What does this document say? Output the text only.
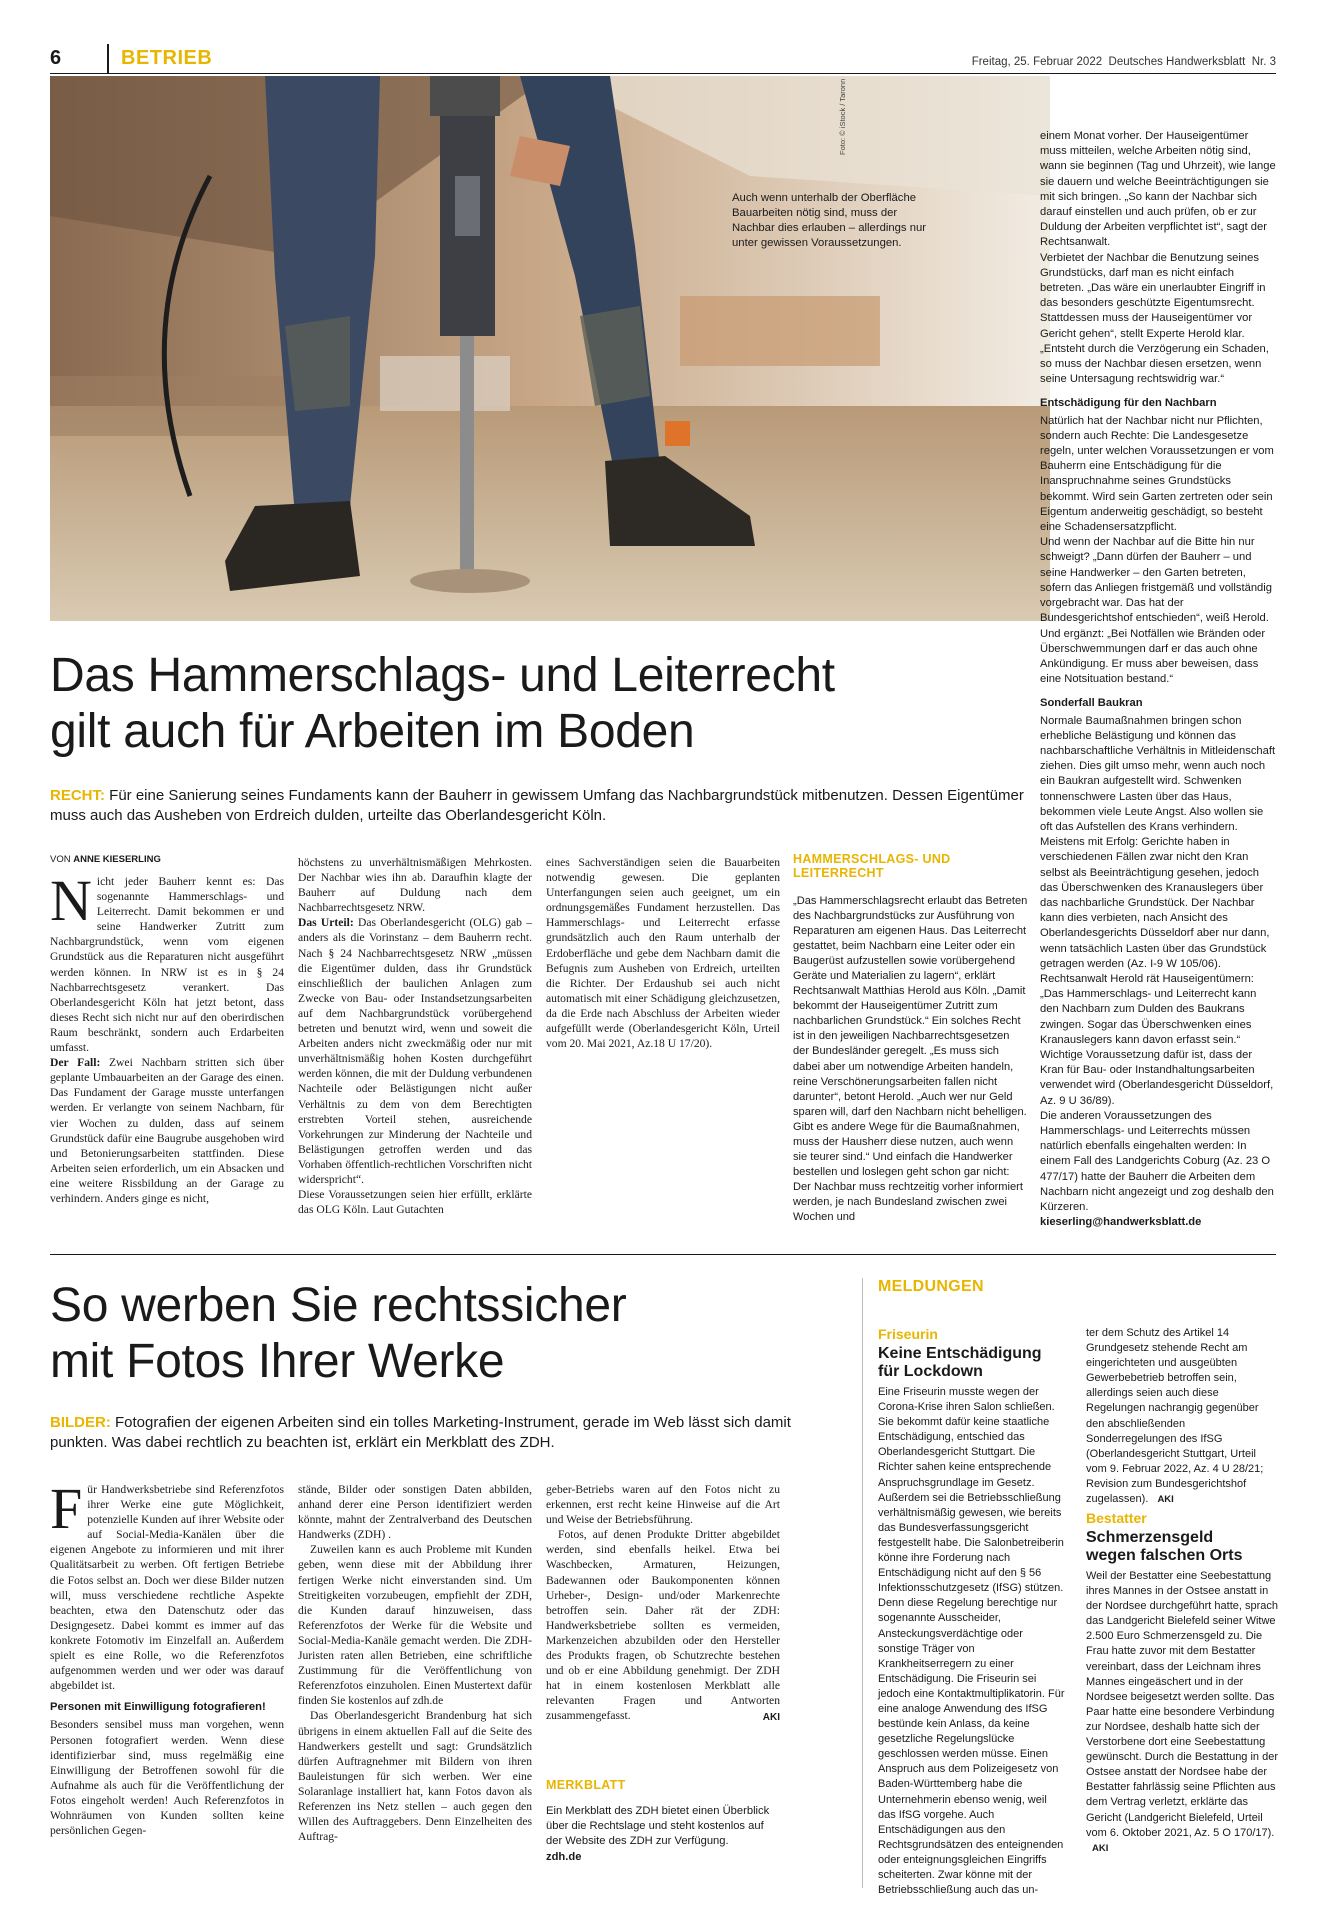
6	BETRIEB	Freitag, 25. Februar 2022 Deutsches Handwerksblatt Nr. 3
Foto: © iStock / Taronn
Auch wenn unterhalb der Oberfläche Bauarbeiten nötig sind, muss der Nachbar dies erlauben – allerdings nur unter gewissen Voraussetzungen.

einem Monat vorher. Der Hauseigentümer muss mitteilen, welche Arbeiten nötig sind, wann sie beginnen (Tag und Uhrzeit), wie lange sie dauern und welche Beeinträchtigungen sie mit sich bringen. „So kann der Nachbar sich darauf einstellen und auch prüfen, ob er zur Duldung der Arbeiten verpflichtet ist“, sagt der Rechtsanwalt.

Verbietet der Nachbar die Benutzung seines Grundstücks, darf man es nicht einfach betreten. „Das wäre ein unerlaubter Eingriff in das besonders geschützte Eigentumsrecht. Stattdessen muss der Hauseigentümer vor Gericht gehen“, stellt Experte Herold klar. „Entsteht durch die Verzögerung ein Schaden, so muss der Nachbar diesen ersetzen, wenn seine Untersagung rechtswidrig war.“

Entschädigung für den Nachbarn

Natürlich hat der Nachbar nicht nur Pflichten, sondern auch Rechte: Die Landesgesetze regeln, unter welchen Voraussetzungen er vom Bauherrn eine Entschädigung für die Inanspruchnahme seines Grundstücks bekommt. Wird sein Garten zertreten oder sein Eigentum anderweitig geschädigt, so besteht eine Schadensersatzpflicht.

Und wenn der Nachbar auf die Bitte hin nur schweigt? „Dann dürfen der Bauherr – und seine Handwerker – den Garten betreten, sofern das Anliegen fristgemäß und vollständig vorgebracht war. Das hat der Bundesgerichtshof entschieden“, weiß Herold. Und ergänzt: „Bei Notfällen wie Bränden oder Überschwemmungen darf er das auch ohne Ankündigung. Er muss aber beweisen, dass eine Notsituation bestand.“

Sonderfall Baukran

Normale Baumaßnahmen bringen schon erhebliche Belästigung und können das nachbarschaftliche Verhältnis in Mitleidenschaft ziehen. Dies gilt umso mehr, wenn auch noch ein Baukran aufgestellt wird. Schwenken tonnenschwere Lasten über das Haus, bekommen viele Leute Angst. Also wollen sie oft das Aufstellen des Krans verhindern. Meistens mit Erfolg: Gerichte haben in verschiedenen Fällen zwar nicht den Kran selbst als Beeinträchtigung gesehen, jedoch das Überschwenken des Kranauslegers über das nachbarliche Grundstück. Der Nachbar kann dies verbieten, nach Ansicht des Oberlandesgerichts Düsseldorf aber nur dann, wenn tatsächlich Lasten über das Grundstück getragen werden (Az. I-9 W 105/06). Rechtsanwalt Herold rät Hauseigentümern: „Das Hammerschlags- und Leiterrecht kann den Nachbarn zum Dulden des Baukrans zwingen. Sogar das Überschwenken eines Kranauslegers kann davon erfasst sein.“

Wichtige Voraussetzung dafür ist, dass der Kran für Bau- oder Instandhaltungsarbeiten verwendet wird (Oberlandesgericht Düsseldorf, Az. 9 U 36/89).

Die anderen Voraussetzungen des Hammerschlags- und Leiterrechts müssen natürlich ebenfalls eingehalten werden: In einem Fall des Landgerichts Coburg (Az. 23 O 477/17) hatte der Bauherr die Arbeiten dem Nachbarn nicht angezeigt und zog deshalb den Kürzeren.

kieserling@handwerksblatt.de

Das Hammerschlags- und Leiterrecht
gilt auch für Arbeiten im Boden
RECHT: Für eine Sanierung seines Fundaments kann der Bauherr in gewissem Umfang das Nachbargrundstück mitbenutzen. Dessen Eigentümer muss auch das Ausheben von Erdreich dulden, urteilte das Oberlandesgericht Köln.
VON ANNE KIESERLING
N icht jeder Bauherr kennt es: Das sogenannte Hammerschlags- und Leiterrecht. Damit bekommen er und seine Handwerker Zutritt zum Nachbargrundstück, wenn vom eigenen Grundstück aus die Reparaturen nicht ausgeführt werden können. In NRW ist es in § 24 Nachbarrechtsgesetz verankert. Das Oberlandesgericht Köln hat jetzt betont, dass dieses Recht sich nicht nur auf den oberirdischen Raum beschränkt, sondern auch Erdarbeiten umfasst.

Der Fall: Zwei Nachbarn stritten sich über geplante Umbauarbeiten an der Garage des einen. Das Fundament der Garage musste unterfangen werden. Er verlangte von seinem Nachbarn, für vier Wochen zu dulden, dass auf seinem Grundstück dafür eine Baugrube ausgehoben wird und Betonierungsarbeiten stattfinden. Diese Arbeiten seien erforderlich, um ein Absacken und eine weitere Rissbildung an der Garage zu verhindern. Anders ginge es nicht,

höchstens zu unverhältnismäßigen Mehrkosten. Der Nachbar wies ihn ab. Daraufhin klagte der Bauherr auf Duldung nach dem Nachbarrechtsgesetz NRW.

Das Urteil: Das Oberlandesgericht (OLG) gab – anders als die Vorinstanz – dem Bauherrn recht. Nach § 24 Nachbarrechtsgesetz NRW „müssen die Eigentümer dulden, dass ihr Grundstück einschließlich der baulichen Anlagen zum Zwecke von Bau- oder Instandsetzungsarbeiten auf dem Nachbargrundstück vorübergehend betreten und benutzt wird, wenn und soweit die Arbeiten anders nicht zweckmäßig oder nur mit unverhältnismäßig hohen Kosten durchgeführt werden können, die mit der Duldung verbundenen Nachteile oder Belästigungen nicht außer Verhältnis zu dem von dem Berechtigten erstrebten Vorteil stehen, ausreichende Vorkehrungen zur Minderung der Nachteile und Belästigungen getroffen werden und das Vorhaben öffentlich-rechtlichen Vorschriften nicht widerspricht“.

Diese Voraussetzungen seien hier erfüllt, erklärte das OLG Köln. Laut Gutachten

eines Sachverständigen seien die Bauarbeiten notwendig gewesen. Die geplanten Unterfangungen seien auch geeignet, um ein ordnungsgemäßes Fundament herzustellen. Das Hammerschlags- und Leiterrecht erfasse grundsätzlich auch den Raum unterhalb der Erdoberfläche und gebe dem Nachbarn damit die Befugnis zum Ausheben von Erdreich, urteilten die Richter. Der Erdaushub sei auch nicht automatisch mit einer Schädigung gleichzusetzen, da die Erde nach Abschluss der Arbeiten wieder aufgefüllt werde (Oberlandesgericht Köln, Urteil vom 20. Mai 2021, Az.18 U 17/20).

HAMMERSCHLAGS- UND
LEITERRECHT
„Das Hammerschlagsrecht erlaubt das Betreten des Nachbargrundstücks zur Ausführung von Reparaturen am eigenen Haus. Das Leiterrecht gestattet, beim Nachbarn eine Leiter oder ein Baugerüst aufzustellen sowie vorübergehend Geräte und Materialien zu lagern“, erklärt Rechtsanwalt Matthias Herold aus Köln. „Damit bekommt der Hauseigentümer Zutritt zum nachbarlichen Grundstück.“ Ein solches Recht ist in den jeweiligen Nachbarrechtsgesetzen der Bundesländer geregelt. „Es muss sich dabei aber um notwendige Arbeiten handeln, reine Verschönerungsarbeiten fallen nicht darunter“, betont Herold. „Auch wer nur Geld sparen will, darf den Nachbarn nicht behelligen. Gibt es andere Wege für die Baumaßnahmen, muss der Hausherr diese nutzen, auch wenn sie teurer sind.“ Und einfach die Handwerker bestellen und loslegen geht schon gar nicht: Der Nachbar muss rechtzeitig vorher informiert werden, je nach Bundesland zwischen zwei Wochen und
So werben Sie rechtssicher
mit Fotos Ihrer Werke
BILDER: Fotografien der eigenen Arbeiten sind ein tolles Marketing-Instrument, gerade im Web lässt sich damit punkten. Was dabei rechtlich zu beachten ist, erklärt ein Merkblatt des ZDH.
F ür Handwerksbetriebe sind Referenzfotos ihrer Werke eine gute Möglichkeit, potenzielle Kunden auf ihrer Website oder auf Social-Media-Kanälen über die eigenen Angebote zu informieren und mit ihrer Qualitätsarbeit zu werben. Oft fertigen Betriebe die Fotos selbst an. Doch wer diese Bilder nutzen will, muss verschiedene rechtliche Aspekte beachten, etwa den Datenschutz oder das Designgesetz. Dabei kommt es immer auf das konkrete Fotomotiv im Einzelfall an. Außerdem spielt es eine Rolle, wo die Referenzfotos aufgenommen werden und wer oder was darauf abgebildet ist.

Personen mit Einwilligung fotografieren!

Besonders sensibel muss man vorgehen, wenn Personen fotografiert werden. Wenn diese identifizierbar sind, muss regelmäßig eine Einwilligung der Betroffenen sowohl für die Aufnahme als auch für die Veröffentlichung der Fotos eingeholt werden! Auch Referenzfotos in Wohnräumen von Kunden sollten keine persönlichen Gegen-

stände, Bilder oder sonstigen Daten abbilden, anhand derer eine Person identifiziert werden könnte, mahnt der Zentralverband des Deutschen Handwerks (ZDH) .

Zuweilen kann es auch Probleme mit Kunden geben, wenn diese mit der Abbildung ihrer fertigen Werke nicht einverstanden sind. Um Streitigkeiten vorzubeugen, empfiehlt der ZDH, die Kunden darauf hinzuweisen, dass Referenzfotos der Werke für die Website und Social-Media-Kanäle gemacht werden. Die ZDH-Juristen raten allen Betrieben, eine schriftliche Zustimmung für die Veröffentlichung von Referenzfotos einzuholen. Einen Mustertext dafür finden Sie kostenlos auf zdh.de

Das Oberlandesgericht Brandenburg hat sich übrigens in einem aktuellen Fall auf die Seite des Handwerkers gestellt und sagt: Grundsätzlich dürfen Auftragnehmer mit Bildern von ihren Bauleistungen für sich werben. Wer eine Solaranlage installiert hat, kann Fotos davon als Referenzen ins Netz stellen – auch gegen den Willen des Auftraggebers. Denn Einzelheiten des Auftrag-

geber-Betriebs waren auf den Fotos nicht zu erkennen, erst recht keine Hinweise auf die Art und Weise der Betriebsführung.

Fotos, auf denen Produkte Dritter abgebildet werden, sind ebenfalls heikel. Etwa bei Waschbecken, Armaturen, Heizungen, Badewannen oder Baukomponenten können Urheber-, Design- und/oder Markenrechte betroffen sein. Daher rät der ZDH: Handwerksbetriebe sollten es vermeiden, Markenzeichen abzubilden oder den Hersteller des Produkts fragen, ob Schutzrechte bestehen und ob er eine Abbildung genehmigt. Der ZDH hat in einem kostenlosen Merkblatt alle relevanten Fragen und Antworten zusammengefasst.	AKI
MERKBLATT
Ein Merkblatt des ZDH bietet einen Überblick über die Rechtslage und steht kostenlos auf der Website des ZDH zur Verfügung.
zdh.de
MELDUNGEN
Friseurin
Keine Entschädigung
für Lockdown
Eine Friseurin musste wegen der Corona-Krise ihren Salon schließen. Sie bekommt dafür keine staatliche Entschädigung, entschied das Oberlandesgericht Stuttgart. Die Richter sahen keine entsprechende Anspruchsgrundlage im Gesetz. Außerdem sei die Betriebsschließung verhältnismäßig gewesen, wie bereits das Bundesverfassungsgericht festgestellt habe. Die Salonbetreiberin könne ihre Forderung nach Entschädigung nicht auf den § 56 Infektionsschutzgesetz (IfSG) stützen. Denn diese Regelung berechtige nur sogenannte Ausscheider, Ansteckungsverdächtige oder sonstige Träger von Krankheitserregern zu einer Entschädigung. Die Friseurin sei jedoch eine Kontaktmultiplikatorin. Für eine analoge Anwendung des IfSG bestünde kein Anlass, da keine gesetzliche Regelungslücke geschlossen werden müsse. Einen Anspruch aus dem Polizeigesetz von Baden-Württemberg habe die Unternehmerin ebenso wenig, weil das IfSG vorgehe. Auch Entschädigungen aus den Rechtsgrundsätzen des enteignenden oder enteignungsgleichen Eingriffs scheiterten. Zwar könne mit der Betriebsschließung auch das un-
ter dem Schutz des Artikel 14 Grundgesetz stehende Recht am eingerichteten und ausgeübten Gewerbebetrieb betroffen sein, allerdings seien auch diese Regelungen nachrangig gegenüber den abschließenden Sonderregelungen des IfSG (Oberlandesgericht Stuttgart, Urteil vom 9. Februar 2022, Az. 4 U 28/21; Revision zum Bundesgerichtshof zugelassen). AKI
Bestatter
Schmerzensgeld
wegen falschen Orts
Weil der Bestatter eine Seebestattung ihres Mannes in der Ostsee anstatt in der Nordsee durchgeführt hatte, sprach das Landgericht Bielefeld seiner Witwe 2.500 Euro Schmerzensgeld zu. Die Frau hatte zuvor mit dem Bestatter vereinbart, dass der Leichnam ihres Mannes eingeäschert und in der Nordsee beigesetzt werden sollte. Das Paar hatte eine besondere Verbindung zur Nordsee, deshalb hatte sich der Verstorbene dort eine Seebestattung gewünscht. Durch die Bestattung in der Ostsee anstatt der Nordsee habe der Bestatter fahrlässig seine Pflichten aus dem Vertrag verletzt, erklärte das Gericht (Landgericht Bielefeld, Urteil vom 6. Oktober 2021, Az. 5 O 170/17). AKI
